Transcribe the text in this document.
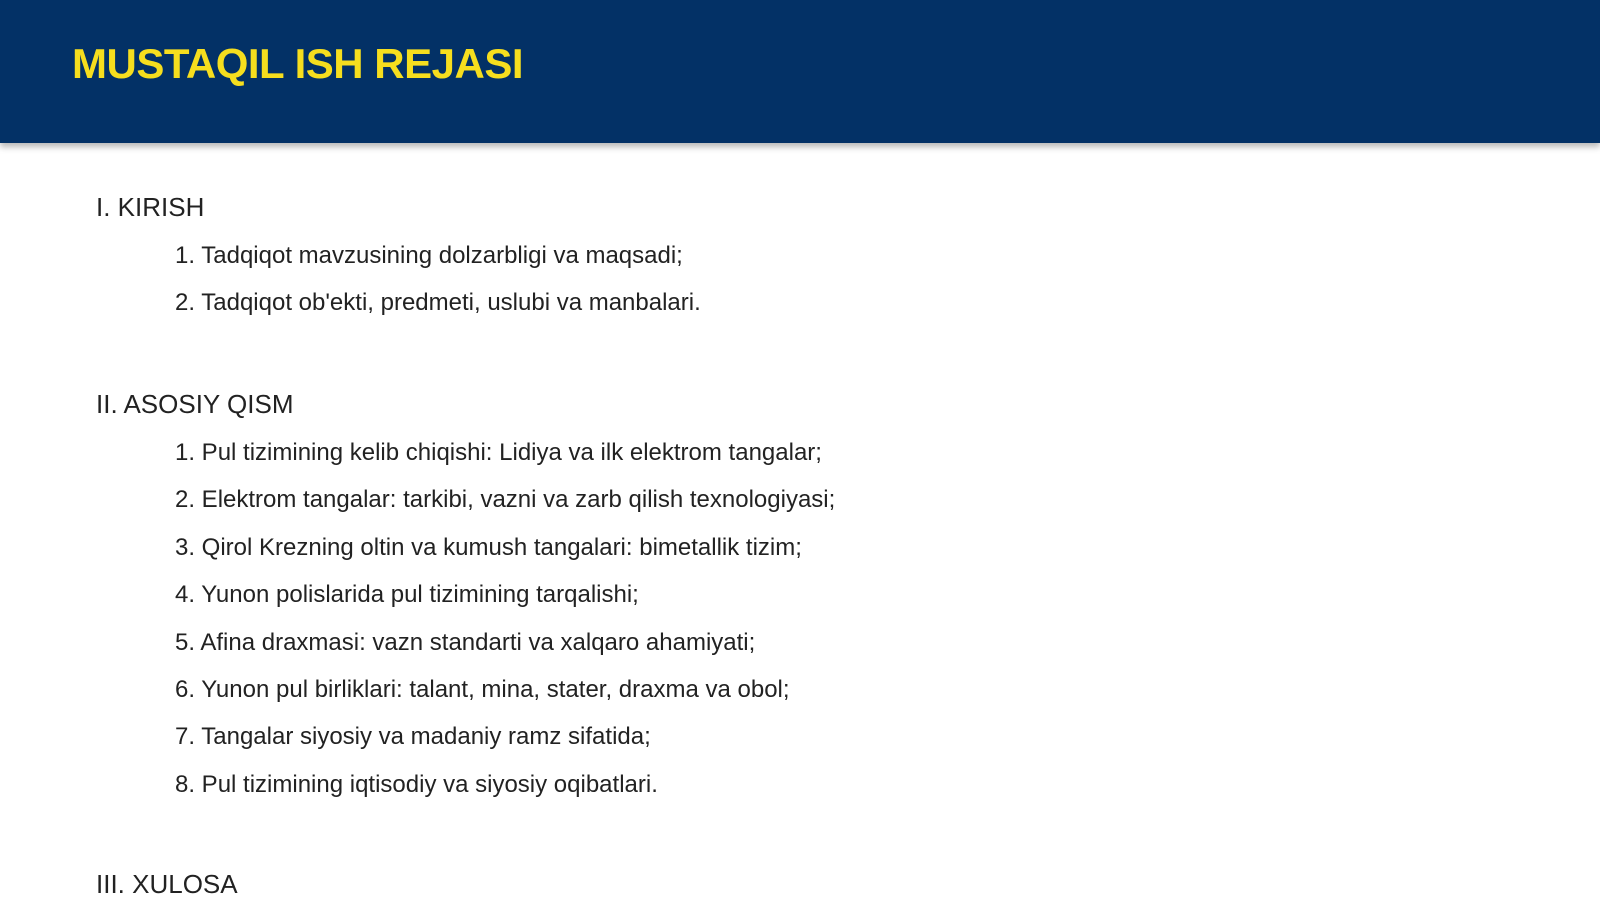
MUSTAQIL ISH REJASI
I. KIRISH
1. Tadqiqot mavzusining dolzarbligi va maqsadi;
2. Tadqiqot ob'ekti, predmeti, uslubi va manbalari.
II. ASOSIY QISM
1. Pul tizimining kelib chiqishi: Lidiya va ilk elektrom tangalar;
2. Elektrom tangalar: tarkibi, vazni va zarb qilish texnologiyasi;
3. Qirol Krezning oltin va kumush tangalari: bimetallik tizim;
4. Yunon polislarida pul tizimining tarqalishi;
5. Afina draxmasi: vazn standarti va xalqaro ahamiyati;
6. Yunon pul birliklari: talant, mina, stater, draxma va obol;
7. Tangalar siyosiy va madaniy ramz sifatida;
8. Pul tizimining iqtisodiy va siyosiy oqibatlari.
III. XULOSA
